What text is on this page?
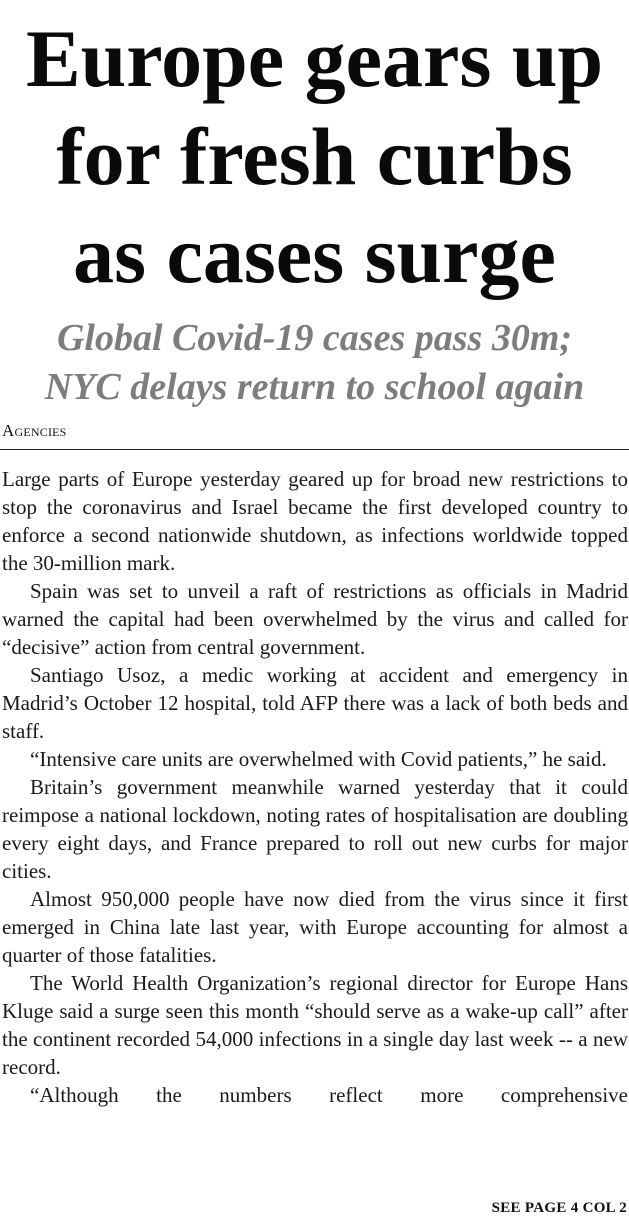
Europe gears up
for fresh curbs
as cases surge
Global Covid-19 cases pass 30m;
NYC delays return to school again
Agencies

Large parts of Europe yesterday geared up for broad new restrictions to stop the coronavirus and Israel became the first developed country to enforce a second nationwide shutdown, as infections worldwide topped the 30-million mark.

Spain was set to unveil a raft of restrictions as officials in Madrid warned the capital had been overwhelmed by the virus and called for “decisive” action from central government.

Santiago Usoz, a medic working at accident and emergency in Madrid’s October 12 hospital, told AFP there was a lack of both beds and staff.

“Intensive care units are overwhelmed with Covid patients,” he said.

Britain’s government meanwhile warned yesterday that it could reimpose a national lockdown, noting rates of hospitalisation are doubling every eight days, and France prepared to roll out new curbs for major cities.

Almost 950,000 people have now died from the virus since it first emerged in China late last year, with Europe accounting for almost a quarter of those fatalities.

The World Health Organization’s regional director for Europe Hans Kluge said a surge seen this month “should serve as a wake-up call” after the continent recorded 54,000 infections in a single day last week -- a new record.

“Although the numbers reflect more comprehensive

SEE PAGE 4 COL 2
